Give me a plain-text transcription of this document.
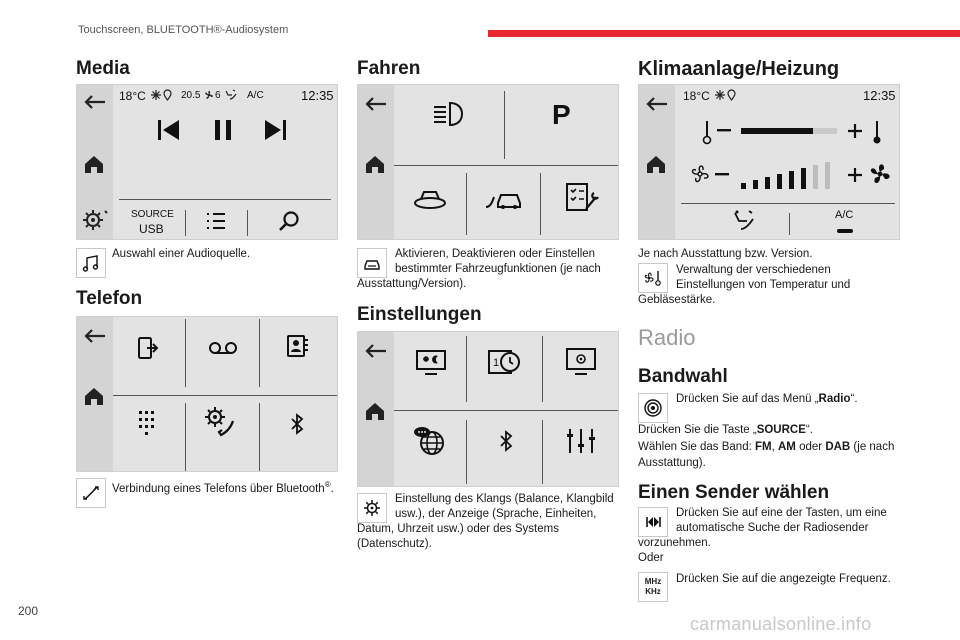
Touchscreen, BLUETOOTH®-Audiosystem
Media
18°C	20.5 6	A/C	12:35
SOURCE
USB
Auswahl einer Audioquelle.
Telefon
Verbindung eines Telefons über Bluetooth®.
Fahren
P
Aktivieren, Deaktivieren oder Einstellen
bestimmter Fahrzeugfunktionen (je nach
Ausstattung/Version).
Einstellungen
1
Einstellung des Klangs (Balance, Klangbild
usw.), der Anzeige (Sprache, Einheiten,
Datum, Uhrzeit usw.) oder des Systems
(Datenschutz).
Klimaanlage/Heizung
18°C	12:35
A/C
Je nach Ausstattung bzw. Version.
Verwaltung der verschiedenen
Einstellungen von Temperatur und
Gebläsestärke.
Radio
Bandwahl
Drücken Sie auf das Menü „Radio“.
Drücken Sie die Taste „SOURCE“.
Wählen Sie das Band: FM, AM oder DAB (je nach
Ausstattung).
Einen Sender wählen
Drücken Sie auf eine der Tasten, um eine
automatische Suche der Radiosender
vorzunehmen.
Oder
MHz
KHz
Drücken Sie auf die angezeigte Frequenz.
200
carmanualsonline.info
